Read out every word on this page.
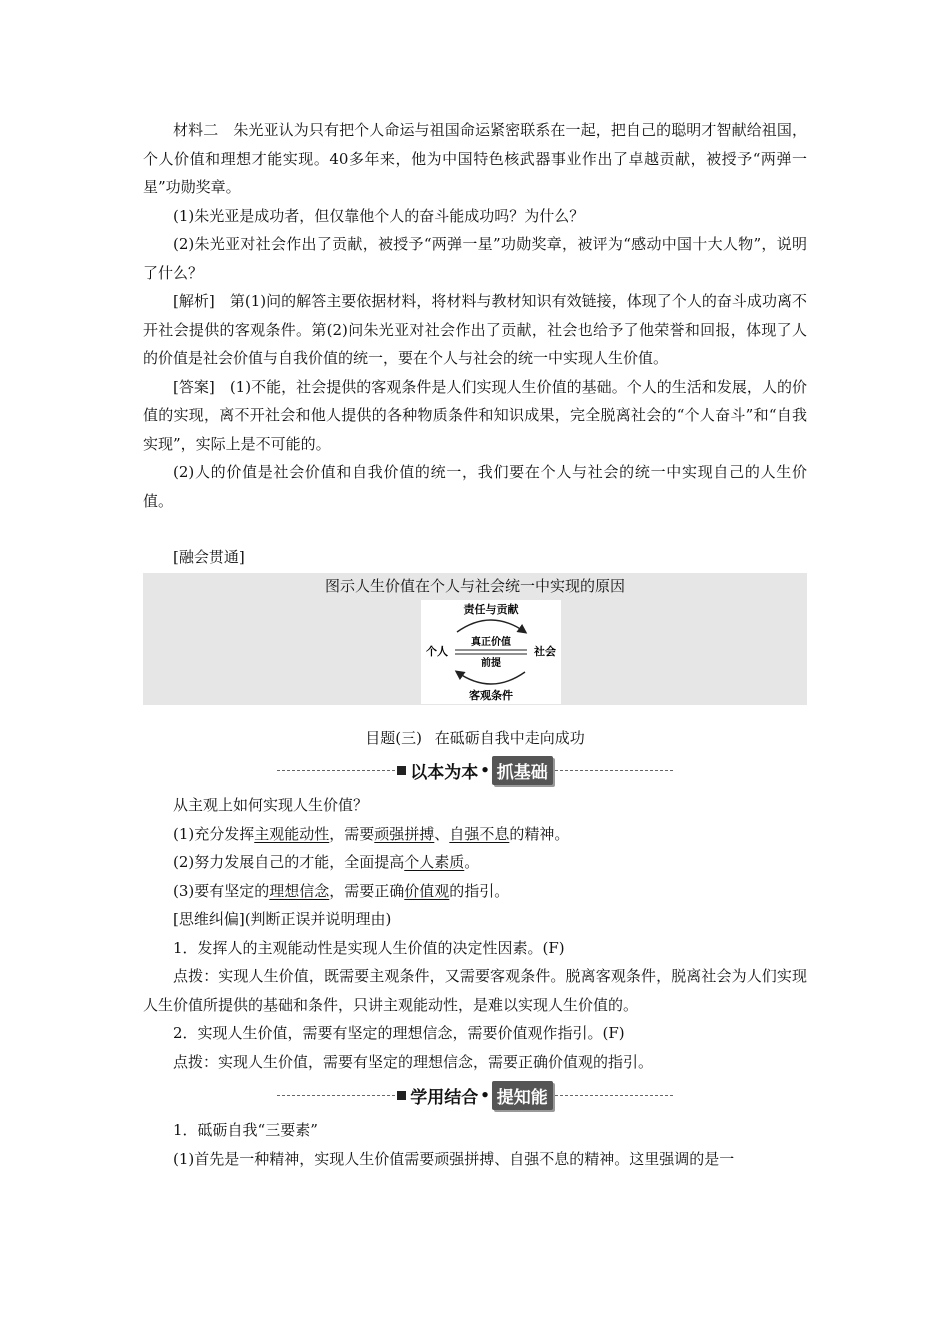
材料二　朱光亚认为只有把个人命运与祖国命运紧密联系在一起，把自己的聪明才智献给祖国，个人价值和理想才能实现。40多年来，他为中国特色核武器事业作出了卓越贡献，被授予“两弹一星”功勋奖章。

(1)朱光亚是成功者，但仅靠他个人的奋斗能成功吗？为什么？

(2)朱光亚对社会作出了贡献，被授予“两弹一星”功勋奖章，被评为“感动中国十大人物”，说明了什么？

[解析]　第(1)问的解答主要依据材料，将材料与教材知识有效链接，体现了个人的奋斗成功离不开社会提供的客观条件。第(2)问朱光亚对社会作出了贡献，社会也给予了他荣誉和回报，体现了人的价值是社会价值与自我价值的统一，要在个人与社会的统一中实现人生价值。

[答案]　(1)不能，社会提供的客观条件是人们实现人生价值的基础。个人的生活和发展，人的价值的实现，离不开社会和他人提供的各种物质条件和知识成果，完全脱离社会的“个人奋斗”和“自我实现”，实际上是不可能的。

(2)人的价值是社会价值和自我价值的统一，我们要在个人与社会的统一中实现自己的人生价值。

[融会贯通]

图示人生价值在个人与社会统一中实现的原因
责任与贡献
个人	社会
真正价值
前提
客观条件
目题(三) 在砥砺自我中走向成功
以本为本 • 抓基础

从主观上如何实现人生价值？

(1)充分发挥主观能动性，需要顽强拼搏、自强不息的精神。

(2)努力发展自己的才能，全面提高个人素质。

(3)要有坚定的理想信念，需要正确价值观的指引。

[思维纠偏](判断正误并说明理由)

1．发挥人的主观能动性是实现人生价值的决定性因素。(F)

点拨：实现人生价值，既需要主观条件，又需要客观条件。脱离客观条件，脱离社会为人们实现人生价值所提供的基础和条件，只讲主观能动性，是难以实现人生价值的。

2．实现人生价值，需要有坚定的理想信念，需要价值观作指引。(F)

点拨：实现人生价值，需要有坚定的理想信念，需要正确价值观的指引。

学用结合 • 提知能

1．砥砺自我“三要素”

(1)首先是一种精神，实现人生价值需要顽强拼搏、自强不息的精神。这里强调的是一
